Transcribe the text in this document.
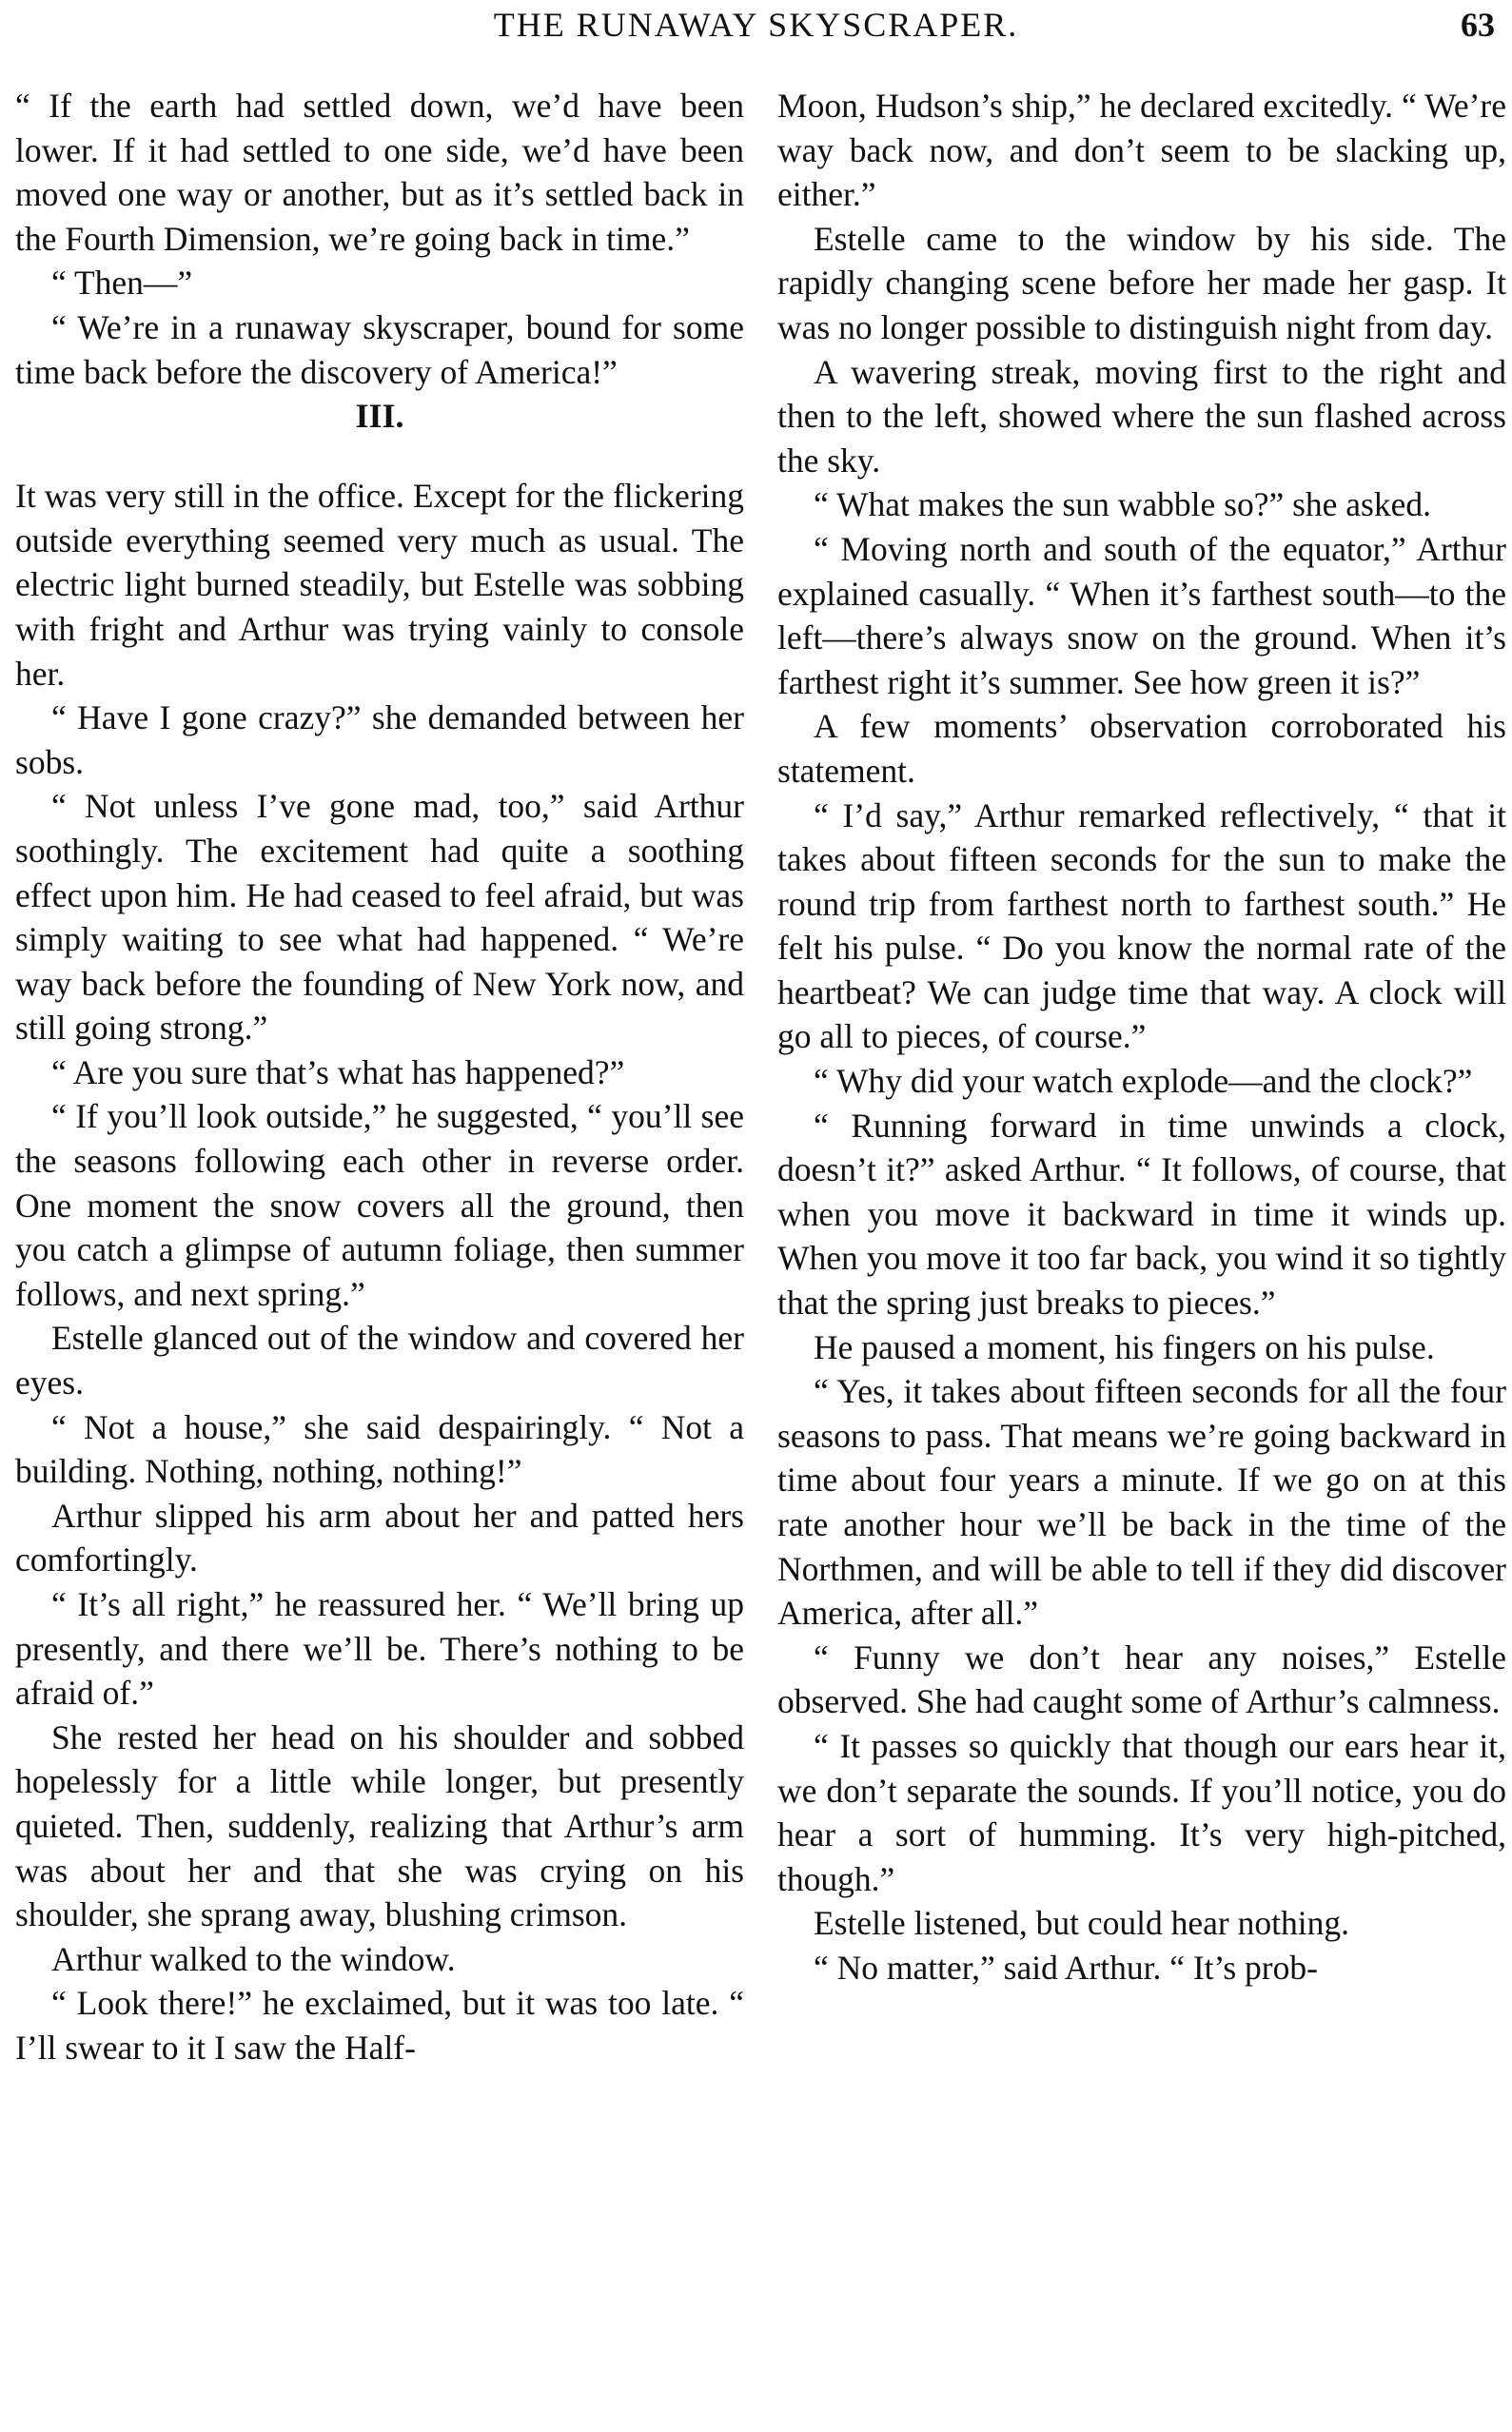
THE RUNAWAY SKYSCRAPER.	63

“ If the earth had settled down, we’d have been lower. If it had settled to one side, we’d have been moved one way or another, but as it’s settled back in the Fourth Dimension, we’re going back in time.”

“ Then—”

“ We’re in a runaway skyscraper, bound for some time back before the discovery of America!”

III.

It was very still in the office. Except for the flickering outside everything seemed very much as usual. The electric light burned steadily, but Estelle was sobbing with fright and Arthur was trying vainly to console her.

“ Have I gone crazy?” she demanded between her sobs.

“ Not unless I’ve gone mad, too,” said Arthur soothingly. The excitement had quite a soothing effect upon him. He had ceased to feel afraid, but was simply waiting to see what had happened. “ We’re way back before the founding of New York now, and still going strong.”

“ Are you sure that’s what has happened?”

“ If you’ll look outside,” he suggested, “ you’ll see the seasons following each other in reverse order. One moment the snow covers all the ground, then you catch a glimpse of autumn foliage, then summer follows, and next spring.”

Estelle glanced out of the window and covered her eyes.

“ Not a house,” she said despairingly. “ Not a building. Nothing, nothing, nothing!”

Arthur slipped his arm about her and patted hers comfortingly.

“ It’s all right,” he reassured her. “ We’ll bring up presently, and there we’ll be. There’s nothing to be afraid of.”

She rested her head on his shoulder and sobbed hopelessly for a little while longer, but presently quieted. Then, suddenly, realizing that Arthur’s arm was about her and that she was crying on his shoulder, she sprang away, blushing crimson.

Arthur walked to the window.

“ Look there!” he exclaimed, but it was too late. “ I’ll swear to it I saw the Half-

Moon, Hudson’s ship,” he declared excitedly. “ We’re way back now, and don’t seem to be slacking up, either.”

Estelle came to the window by his side. The rapidly changing scene before her made her gasp. It was no longer possible to distinguish night from day.

A wavering streak, moving first to the right and then to the left, showed where the sun flashed across the sky.

“ What makes the sun wabble so?” she asked.

“ Moving north and south of the equator,” Arthur explained casually. “ When it’s farthest south—to the left—there’s always snow on the ground. When it’s farthest right it’s summer. See how green it is?”

A few moments’ observation corroborated his statement.

“ I’d say,” Arthur remarked reflectively, “ that it takes about fifteen seconds for the sun to make the round trip from farthest north to farthest south.” He felt his pulse. “ Do you know the normal rate of the heartbeat? We can judge time that way. A clock will go all to pieces, of course.”

“ Why did your watch explode—and the clock?”

“ Running forward in time unwinds a clock, doesn’t it?” asked Arthur. “ It follows, of course, that when you move it backward in time it winds up. When you move it too far back, you wind it so tightly that the spring just breaks to pieces.”

He paused a moment, his fingers on his pulse.

“ Yes, it takes about fifteen seconds for all the four seasons to pass. That means we’re going backward in time about four years a minute. If we go on at this rate another hour we’ll be back in the time of the Northmen, and will be able to tell if they did discover America, after all.”

“ Funny we don’t hear any noises,” Estelle observed. She had caught some of Arthur’s calmness.

“ It passes so quickly that though our ears hear it, we don’t separate the sounds. If you’ll notice, you do hear a sort of humming. It’s very high-pitched, though.”

Estelle listened, but could hear nothing.

“ No matter,” said Arthur. “ It’s prob-
